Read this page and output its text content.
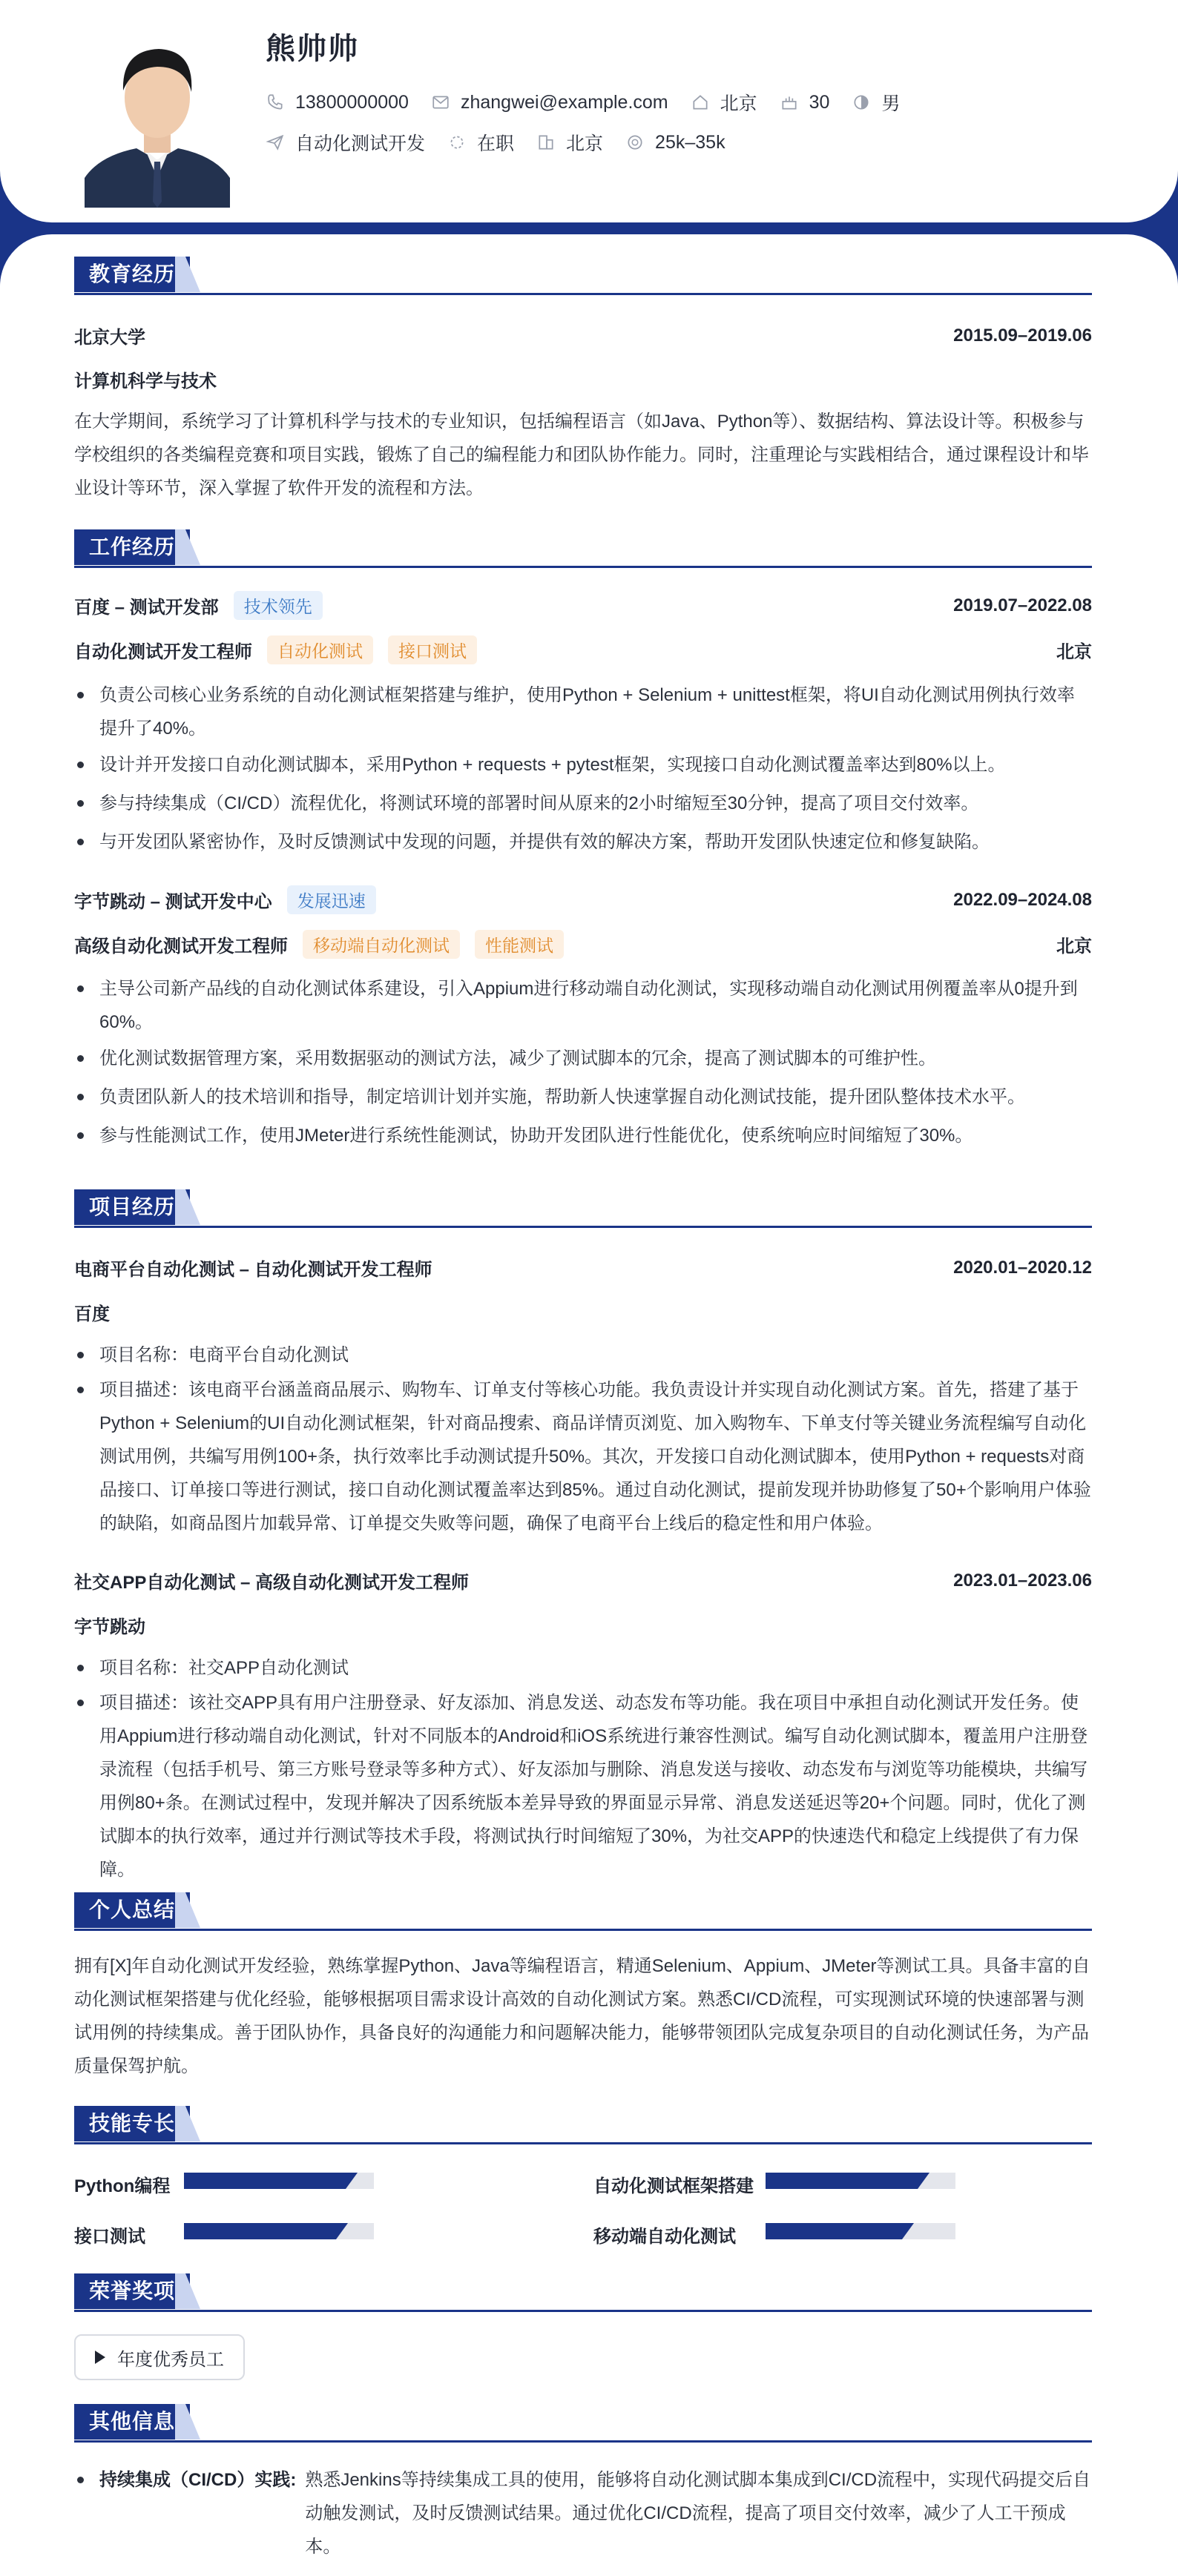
熊帅帅
13800000000	zhangwei@example.com	北京	30	男
自动化测试开发	在职	北京	25k–35k
教育经历
北京大学	2015.09–2019.06
计算机科学与技术
在大学期间，系统学习了计算机科学与技术的专业知识，包括编程语言（如Java、Python等）、数据结构、算法设计等。积极参与学校组织的各类编程竞赛和项目实践，锻炼了自己的编程能力和团队协作能力。同时，注重理论与实践相结合，通过课程设计和毕业设计等环节，深入掌握了软件开发的流程和方法。
工作经历
百度 – 测试开发部	技术领先	2019.07–2022.08
自动化测试开发工程师	自动化测试	接口测试	北京
负责公司核心业务系统的自动化测试框架搭建与维护，使用Python + Selenium + unittest框架，将UI自动化测试用例执行效率提升了40%。
设计并开发接口自动化测试脚本，采用Python + requests + pytest框架，实现接口自动化测试覆盖率达到80%以上。
参与持续集成（CI/CD）流程优化，将测试环境的部署时间从原来的2小时缩短至30分钟，提高了项目交付效率。
与开发团队紧密协作，及时反馈测试中发现的问题，并提供有效的解决方案，帮助开发团队快速定位和修复缺陷。
字节跳动 – 测试开发中心	发展迅速	2022.09–2024.08
高级自动化测试开发工程师	移动端自动化测试	性能测试	北京
主导公司新产品线的自动化测试体系建设，引入Appium进行移动端自动化测试，实现移动端自动化测试用例覆盖率从0提升到60%。
优化测试数据管理方案，采用数据驱动的测试方法，减少了测试脚本的冗余，提高了测试脚本的可维护性。
负责团队新人的技术培训和指导，制定培训计划并实施，帮助新人快速掌握自动化测试技能，提升团队整体技术水平。
参与性能测试工作，使用JMeter进行系统性能测试，协助开发团队进行性能优化，使系统响应时间缩短了30%。
项目经历
电商平台自动化测试 – 自动化测试开发工程师	2020.01–2020.12
百度
项目名称：电商平台自动化测试
项目描述：该电商平台涵盖商品展示、购物车、订单支付等核心功能。我负责设计并实现自动化测试方案。首先，搭建了基于Python + Selenium的UI自动化测试框架，针对商品搜索、商品详情页浏览、加入购物车、下单支付等关键业务流程编写自动化测试用例，共编写用例100+条，执行效率比手动测试提升50%。其次，开发接口自动化测试脚本，使用Python + requests对商品接口、订单接口等进行测试，接口自动化测试覆盖率达到85%。通过自动化测试，提前发现并协助修复了50+个影响用户体验的缺陷，如商品图片加载异常、订单提交失败等问题，确保了电商平台上线后的稳定性和用户体验。
社交APP自动化测试 – 高级自动化测试开发工程师	2023.01–2023.06
字节跳动
项目名称：社交APP自动化测试
项目描述：该社交APP具有用户注册登录、好友添加、消息发送、动态发布等功能。我在项目中承担自动化测试开发任务。使用Appium进行移动端自动化测试，针对不同版本的Android和iOS系统进行兼容性测试。编写自动化测试脚本，覆盖用户注册登录流程（包括手机号、第三方账号登录等多种方式）、好友添加与删除、消息发送与接收、动态发布与浏览等功能模块，共编写用例80+条。在测试过程中，发现并解决了因系统版本差异导致的界面显示异常、消息发送延迟等20+个问题。同时，优化了测试脚本的执行效率，通过并行测试等技术手段，将测试执行时间缩短了30%，为社交APP的快速迭代和稳定上线提供了有力保障。
个人总结
拥有[X]年自动化测试开发经验，熟练掌握Python、Java等编程语言，精通Selenium、Appium、JMeter等测试工具。具备丰富的自动化测试框架搭建与优化经验，能够根据项目需求设计高效的自动化测试方案。熟悉CI/CD流程，可实现测试环境的快速部署与测试用例的持续集成。善于团队协作，具备良好的沟通能力和问题解决能力，能够带领团队完成复杂项目的自动化测试任务，为产品质量保驾护航。
技能专长
Python编程	自动化测试框架搭建
接口测试	移动端自动化测试
荣誉奖项
年度优秀员工
其他信息
持续集成（CI/CD）实践: 熟悉Jenkins等持续集成工具的使用，能够将自动化测试脚本集成到CI/CD流程中，实现代码提交后自动触发测试，及时反馈测试结果。通过优化CI/CD流程，提高了项目交付效率，减少了人工干预成本。
